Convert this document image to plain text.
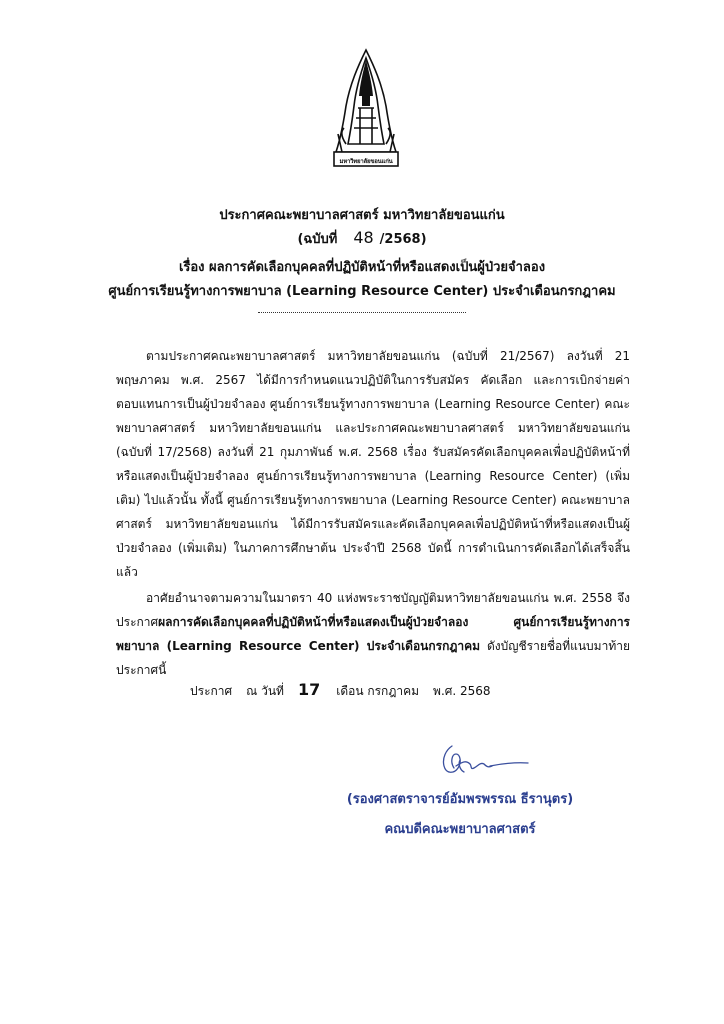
มหาวิทยาลัยขอนแก่น
ประกาศคณะพยาบาลศาสตร์ มหาวิทยาลัยขอนแก่น
(ฉบับที่ 48 /2568)
เรื่อง ผลการคัดเลือกบุคคลที่ปฏิบัติหน้าที่หรือแสดงเป็นผู้ป่วยจำลอง
ศูนย์การเรียนรู้ทางการพยาบาล (Learning Resource Center) ประจำเดือนกรกฎาคม

ตามประกาศคณะพยาบาลศาสตร์ มหาวิทยาลัยขอนแก่น (ฉบับที่ 21/2567) ลงวันที่ 21 พฤษภาคม พ.ศ. 2567 ได้มีการกำหนดแนวปฏิบัติในการรับสมัคร คัดเลือก และการเบิกจ่ายค่าตอบแทนการเป็นผู้ป่วยจำลอง ศูนย์การเรียนรู้ทางการพยาบาล (Learning Resource Center) คณะพยาบาลศาสตร์ มหาวิทยาลัยขอนแก่น และประกาศคณะพยาบาลศาสตร์ มหาวิทยาลัยขอนแก่น (ฉบับที่ 17/2568) ลงวันที่ 21 กุมภาพันธ์ พ.ศ. 2568 เรื่อง รับสมัครคัดเลือกบุคคลเพื่อปฏิบัติหน้าที่หรือแสดงเป็นผู้ป่วยจำลอง ศูนย์การเรียนรู้ทางการพยาบาล (Learning Resource Center) (เพิ่มเติม) ไปแล้วนั้น ทั้งนี้ ศูนย์การเรียนรู้ทางการพยาบาล (Learning Resource Center) คณะพยาบาลศาสตร์ มหาวิทยาลัยขอนแก่น ได้มีการรับสมัครและคัดเลือกบุคคลเพื่อปฏิบัติหน้าที่หรือแสดงเป็นผู้ป่วยจำลอง (เพิ่มเติม) ในภาคการศึกษาต้น ประจำปี 2568 บัดนี้ การดำเนินการคัดเลือกได้เสร็จสิ้นแล้ว

อาศัยอำนาจตามความในมาตรา 40 แห่งพระราชบัญญัติมหาวิทยาลัยขอนแก่น พ.ศ. 2558 จึงประกาศผลการคัดเลือกบุคคลที่ปฏิบัติหน้าที่หรือแสดงเป็นผู้ป่วยจำลอง ศูนย์การเรียนรู้ทางการพยาบาล (Learning Resource Center) ประจำเดือนกรกฎาคม ดังบัญชีรายชื่อที่แนบมาท้ายประกาศนี้

ประกาศ ณ วันที่ 17 เดือน กรกฎาคม พ.ศ. 2568
(รองศาสตราจารย์อัมพรพรรณ ธีรานุตร)
คณบดีคณะพยาบาลศาสตร์
